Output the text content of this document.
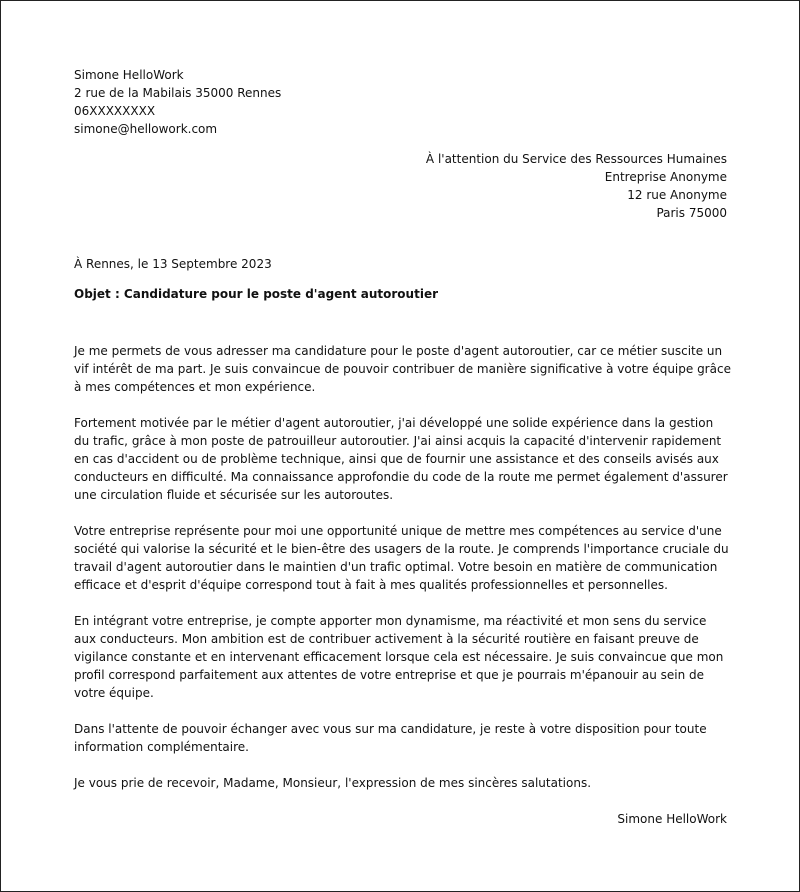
Simone HelloWork
2 rue de la Mabilais 35000 Rennes
06XXXXXXXX
simone@hellowork.com
À l'attention du Service des Ressources Humaines
Entreprise Anonyme
12 rue Anonyme
Paris 75000
À Rennes, le 13 Septembre 2023
Objet : Candidature pour le poste d'agent autoroutier

Je me permets de vous adresser ma candidature pour le poste d'agent autoroutier, car ce métier suscite un vif intérêt de ma part. Je suis convaincue de pouvoir contribuer de manière significative à votre équipe grâce à mes compétences et mon expérience.

Fortement motivée par le métier d'agent autoroutier, j'ai développé une solide expérience dans la gestion du trafic, grâce à mon poste de patrouilleur autoroutier. J'ai ainsi acquis la capacité d'intervenir rapidement en cas d'accident ou de problème technique, ainsi que de fournir une assistance et des conseils avisés aux conducteurs en difficulté. Ma connaissance approfondie du code de la route me permet également d'assurer une circulation fluide et sécurisée sur les autoroutes.

Votre entreprise représente pour moi une opportunité unique de mettre mes compétences au service d'une société qui valorise la sécurité et le bien-être des usagers de la route. Je comprends l'importance cruciale du travail d'agent autoroutier dans le maintien d'un trafic optimal. Votre besoin en matière de communication efficace et d'esprit d'équipe correspond tout à fait à mes qualités professionnelles et personnelles.

En intégrant votre entreprise, je compte apporter mon dynamisme, ma réactivité et mon sens du service aux conducteurs. Mon ambition est de contribuer activement à la sécurité routière en faisant preuve de vigilance constante et en intervenant efficacement lorsque cela est nécessaire. Je suis convaincue que mon profil correspond parfaitement aux attentes de votre entreprise et que je pourrais m'épanouir au sein de votre équipe.

Dans l'attente de pouvoir échanger avec vous sur ma candidature, je reste à votre disposition pour toute information complémentaire.

Je vous prie de recevoir, Madame, Monsieur, l'expression de mes sincères salutations.

Simone HelloWork
